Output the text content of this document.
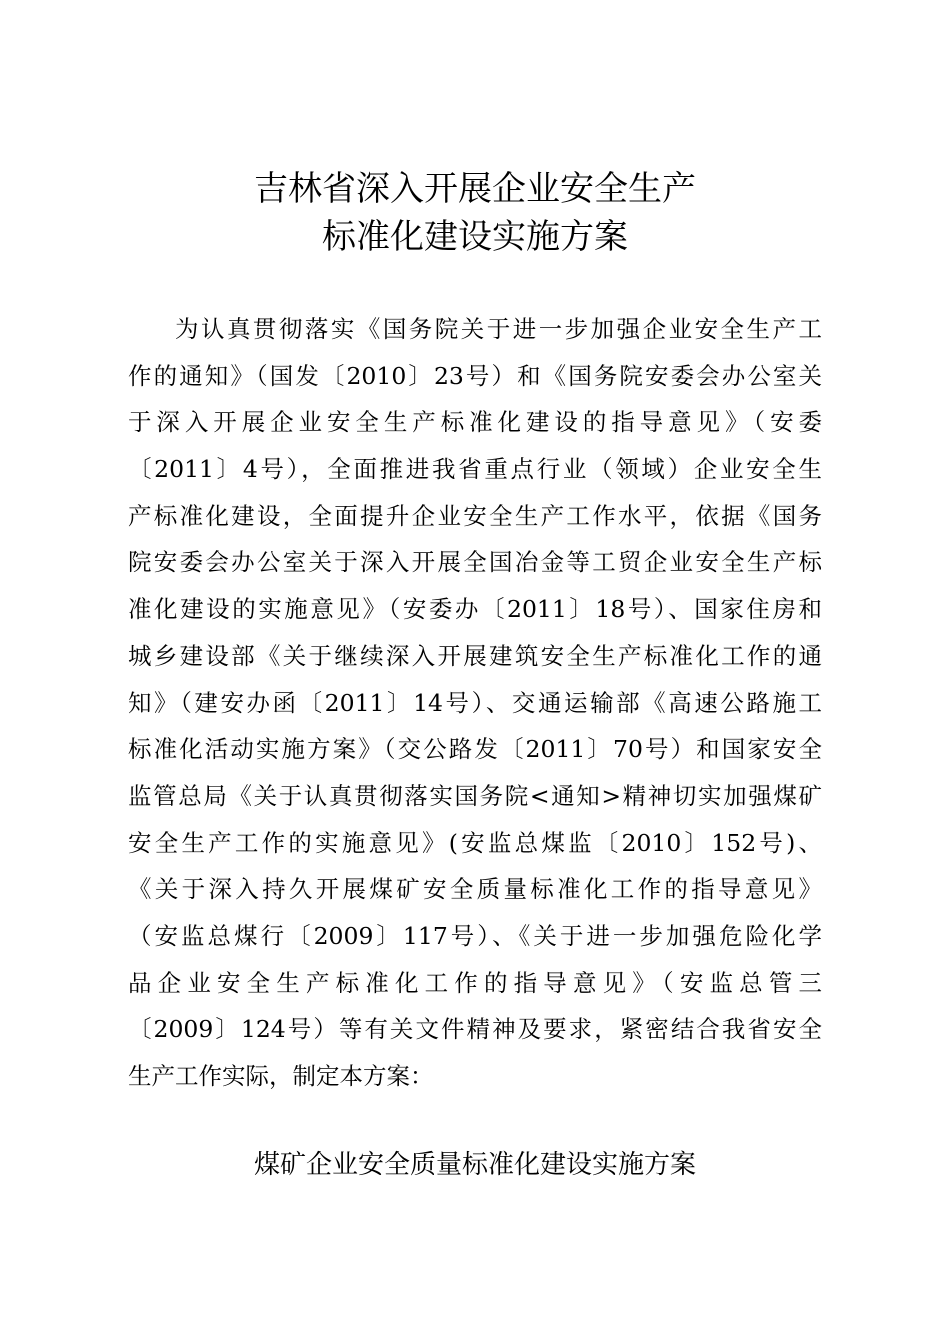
吉林省深入开展企业安全生产
标准化建设实施方案
为认真贯彻落实《国务院关于进一步加强企业安全生产工
作的通知》（国发〔2010〕23号）和《国务院安委会办公室关
于深入开展企业安全生产标准化建设的指导意见》（安委
〔2011〕4号），全面推进我省重点行业（领域）企业安全生
产标准化建设，全面提升企业安全生产工作水平，依据《国务
院安委会办公室关于深入开展全国冶金等工贸企业安全生产标
准化建设的实施意见》（安委办〔2011〕18号）、国家住房和
城乡建设部《关于继续深入开展建筑安全生产标准化工作的通
知》（建安办函〔2011〕14号）、交通运输部《高速公路施工
标准化活动实施方案》（交公路发〔2011〕70号）和国家安全
监管总局《关于认真贯彻落实国务院<通知>精神切实加强煤矿
安全生产工作的实施意见》(安监总煤监〔2010〕152号)、
《关于深入持久开展煤矿安全质量标准化工作的指导意见》
（安监总煤行〔2009〕117号）、《关于进一步加强危险化学
品企业安全生产标准化工作的指导意见》（安监总管三
〔2009〕124号）等有关文件精神及要求，紧密结合我省安全
生产工作实际，制定本方案：
煤矿企业安全质量标准化建设实施方案
